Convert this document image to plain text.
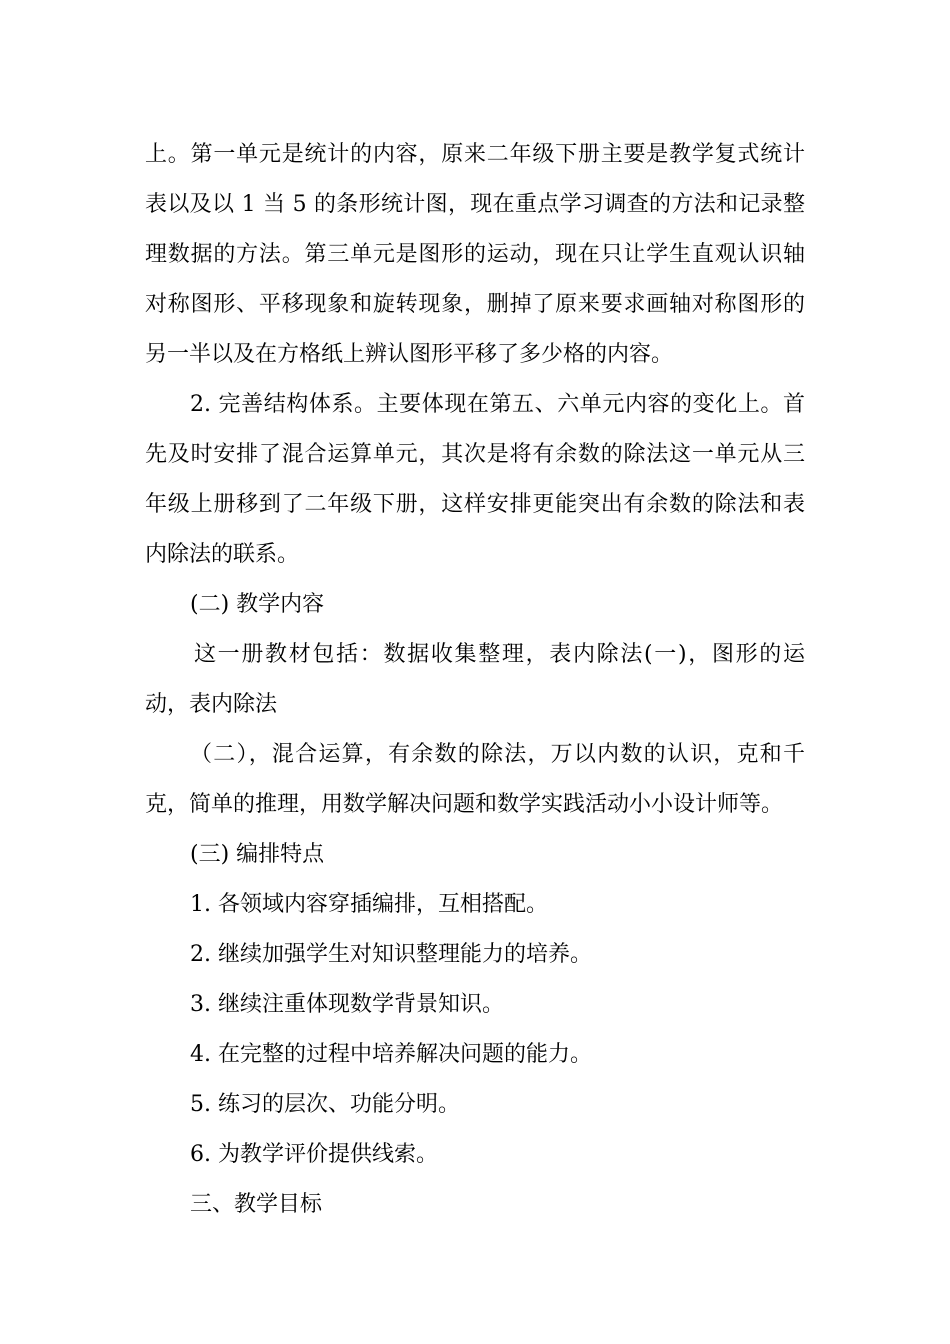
上。第一单元是统计的内容，原来二年级下册主要是教学复式统计
表以及以 1 当 5 的条形统计图，现在重点学习调查的方法和记录整
理数据的方法。第三单元是图形的运动，现在只让学生直观认识轴
对称图形、平移现象和旋转现象，删掉了原来要求画轴对称图形的
另一半以及在方格纸上辨认图形平移了多少格的内容。
2. 完善结构体系。主要体现在第五、六单元内容的变化上。首
先及时安排了混合运算单元，其次是将有余数的除法这一单元从三
年级上册移到了二年级下册，这样安排更能突出有余数的除法和表
内除法的联系。
(二) 教学内容
这一册教材包括：数据收集整理，表内除法(一)，图形的运
动，表内除法
（二），混合运算，有余数的除法，万以内数的认识，克和千
克，简单的推理，用数学解决问题和数学实践活动小小设计师等。
(三) 编排特点
1. 各领域内容穿插编排，互相搭配。
2. 继续加强学生对知识整理能力的培养。
3. 继续注重体现数学背景知识。
4. 在完整的过程中培养解决问题的能力。
5. 练习的层次、功能分明。
6. 为教学评价提供线索。
三、教学目标
